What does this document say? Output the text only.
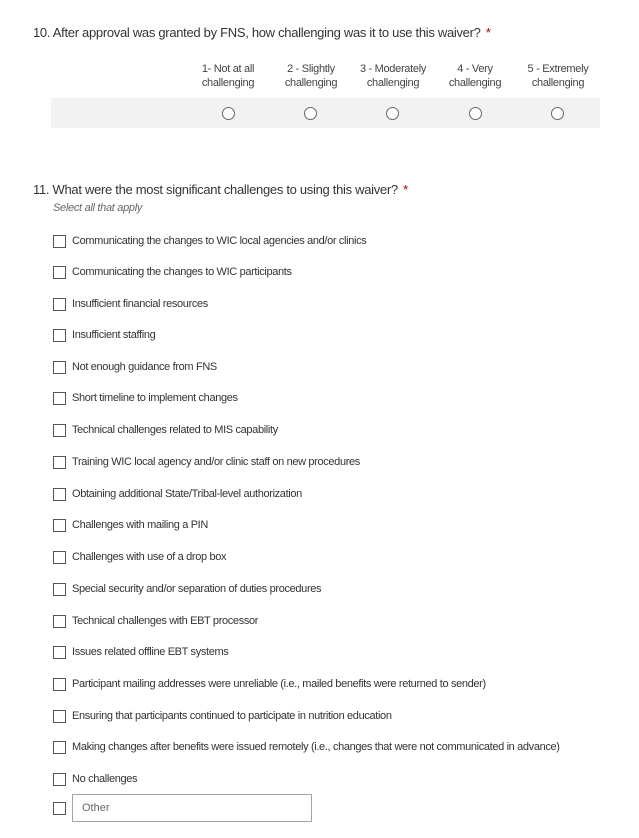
10. After approval was granted by FNS, how challenging was it to use this waiver? *
1- Not at all
challenging
2 - Slightly
challenging
3 - Moderately
challenging
4 - Very
challenging
5 - Extremely
challenging
11. What were the most significant challenges to using this waiver? *
Select all that apply
Communicating the changes to WIC local agencies and/or clinics
Communicating the changes to WIC participants
Insufficient financial resources
Insufficient staffing
Not enough guidance from FNS
Short timeline to implement changes
Technical challenges related to MIS capability
Training WIC local agency and/or clinic staff on new procedures
Obtaining additional State/Tribal-level authorization
Challenges with mailing a PIN
Challenges with use of a drop box
Special security and/or separation of duties procedures
Technical challenges with EBT processor
Issues related offline EBT systems
Participant mailing addresses were unreliable (i.e., mailed benefits were returned to sender)
Ensuring that participants continued to participate in nutrition education
Making changes after benefits were issued remotely (i.e., changes that were not communicated in advance)
No challenges
Other
